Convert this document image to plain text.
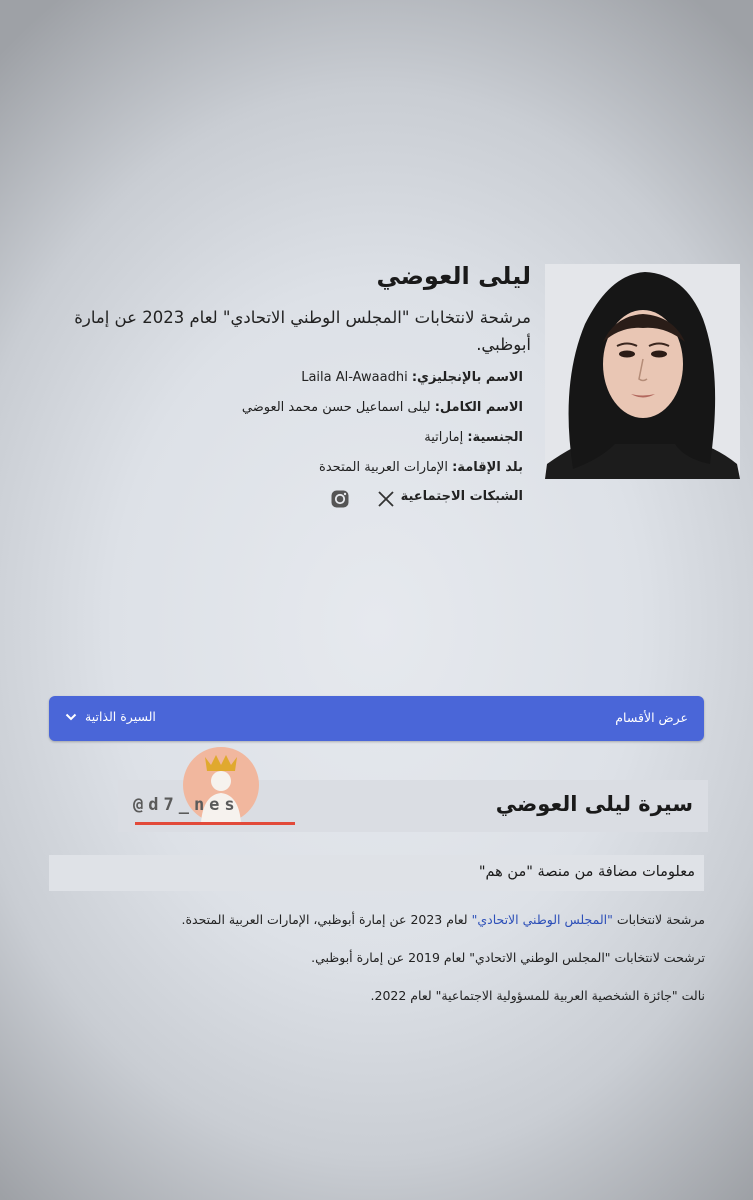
ليلى العوضي
مرشحة لانتخابات "المجلس الوطني الاتحادي" لعام 2023 عن إمارة أبوظبي.
الاسم بالإنجليزي: Laila Al-Awaadhi
الاسم الكامل: ليلى اسماعيل حسن محمد العوضي
الجنسية: إماراتية
بلد الإقامة: الإمارات العربية المتحدة
الشبكات الاجتماعية
عرض الأقسام
السيرة الذاتية
سيرة ليلى العوضي
@d7_nes
معلومات مضافة من منصة "من هم"
مرشحة لانتخابات "المجلس الوطني الاتحادي" لعام 2023 عن إمارة أبوظبي، الإمارات العربية المتحدة.
ترشحت لانتخابات "المجلس الوطني الاتحادي" لعام 2019 عن إمارة أبوظبي.
نالت "جائزة الشخصية العربية للمسؤولية الاجتماعية" لعام 2022.
